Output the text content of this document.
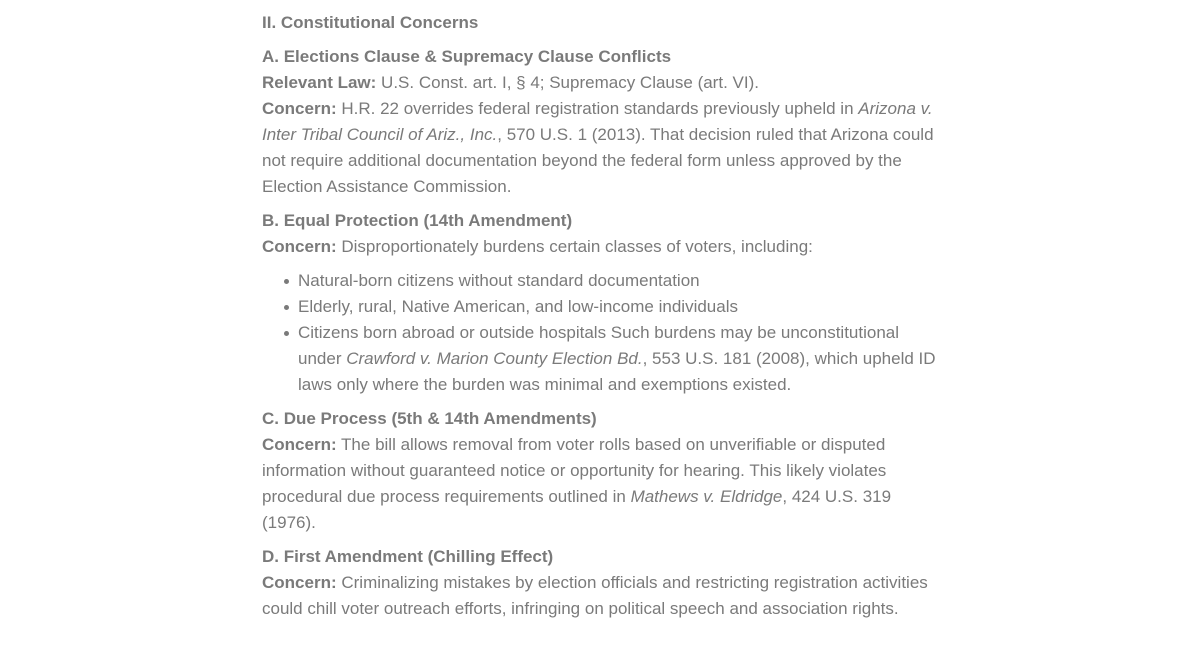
II. Constitutional Concerns

A. Elections Clause & Supremacy Clause Conflicts

Relevant Law: U.S. Const. art. I, § 4; Supremacy Clause (art. VI).

Concern: H.R. 22 overrides federal registration standards previously upheld in Arizona v. Inter Tribal Council of Ariz., Inc., 570 U.S. 1 (2013). That decision ruled that Arizona could not require additional documentation beyond the federal form unless approved by the Election Assistance Commission.

B. Equal Protection (14th Amendment)

Concern: Disproportionately burdens certain classes of voters, including:

Natural-born citizens without standard documentation
Elderly, rural, Native American, and low-income individuals
Citizens born abroad or outside hospitals Such burdens may be unconstitutional under Crawford v. Marion County Election Bd., 553 U.S. 181 (2008), which upheld ID laws only where the burden was minimal and exemptions existed.

C. Due Process (5th & 14th Amendments)

Concern: The bill allows removal from voter rolls based on unverifiable or disputed information without guaranteed notice or opportunity for hearing. This likely violates procedural due process requirements outlined in Mathews v. Eldridge, 424 U.S. 319 (1976).

D. First Amendment (Chilling Effect)

Concern: Criminalizing mistakes by election officials and restricting registration activities could chill voter outreach efforts, infringing on political speech and association rights.
